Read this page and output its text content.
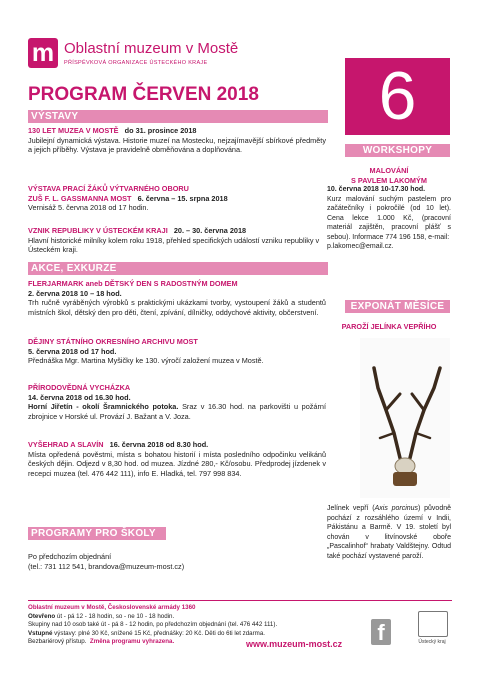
m Oblastní muzeum v Mostě
PŘÍSPĚVKOVÁ ORGANIZACE ÚSTECKÉHO KRAJE
PROGRAM ČERVEN 2018	6
VÝSTAVY
130 LET MUZEA V MOSTĚ do 31. prosince 2018
Jubilejní dynamická výstava. Historie muzeí na Mostecku, nejzajímavější sbírkové předměty a jejich příběhy. Výstava je pravidelně obměňována a doplňována.
VÝSTAVA PRACÍ ŽÁKŮ VÝTVARNÉHO OBORU
ZUŠ F. L. GASSMANNA MOST 6. června – 15. srpna 2018
Vernisáž 5. června 2018 od 17 hodin.
VZNIK REPUBLIKY V ÚSTECKÉM KRAJI 20. – 30. června 2018
Hlavní historické milníky kolem roku 1918, přehled specifických událostí vzniku republiky v Ústeckém kraji.
AKCE, EXKURZE
FLERJARMARK aneb DĚTSKÝ DEN S RADOSTNÝM DOMEM
2. června 2018 10 – 18 hod.
Trh ručně vyráběných výrobků s praktickými ukázkami tvorby, vystoupení žáků a studentů místních škol, dětský den pro děti, čtení, zpívání, dílničky, oddychové aktivity, občerstvení.
DĚJINY STÁTNÍHO OKRESNÍHO ARCHIVU MOST
5. června 2018 od 17 hod.
Přednáška Mgr. Martina Myšičky ke 130. výročí založení muzea v Mostě.
PŘÍRODOVĚDNÁ VYCHÁZKA
14. června 2018 od 16.30 hod.
Horní Jiřetín - okolí Šramnického potoka. Sraz v 16.30 hod. na parkovišti u požární zbrojnice v Horské ul. Provází J. Bažant a V. Joza.
VYŠEHRAD A SLAVÍN 16. června 2018 od 8.30 hod.
Místa opředená pověstmi, místa s bohatou historií i místa posledního odpočinku velikánů českých dějin. Odjezd v 8,30 hod. od muzea. Jízdné 280,- Kč/osobu. Předprodej jízdenek v recepci muzea (tel. 476 442 111), info E. Hladká, tel. 797 998 834.
PROGRAMY PRO ŠKOLY
Po předchozím objednání
(tel.: 731 112 541, brandova@muzeum-most.cz)
WORKSHOPY
MALOVÁNÍ
S PAVLEM LAKOMÝM
10. června 2018 10-17.30 hod.
Kurz malování suchým pastelem pro začátečníky i pokročilé (od 10 let). Cena lekce 1.000 Kč, (pracovní materiál zajištěn, pracovní plášť s sebou). Informace 774 196 158, e-mail:
p.lakomec@email.cz.
EXPONÁT MĚSÍCE
PAROŽÍ JELÍNKA VEPŘÍHO
Jelínek vepří (Axis porcinus) původně pochází z rozsáhlého území v Indii, Pákistánu a Barmě. V 19. století byl chován v litvínovské oboře „Pascalinhof“ hrabaty Valdštejny. Odtud také pochází vystavené paroží.
Oblastní muzeum v Mostě, Československé armády 1360
Otevřeno út - pá 12 - 18 hodin, so - ne 10 - 18 hodin.
Skupiny nad 10 osob také út - pá 8 - 12 hodin, po předchozím objednání (tel. 476 442 111).
Vstupné výstavy: plné 30 Kč, snížené 15 Kč, přednášky: 20 Kč. Děti do 6ti let zdarma.
Bezbariérový přístup. Změna programu vyhrazena.	www.muzeum-most.cz f	Ústecký kraj
